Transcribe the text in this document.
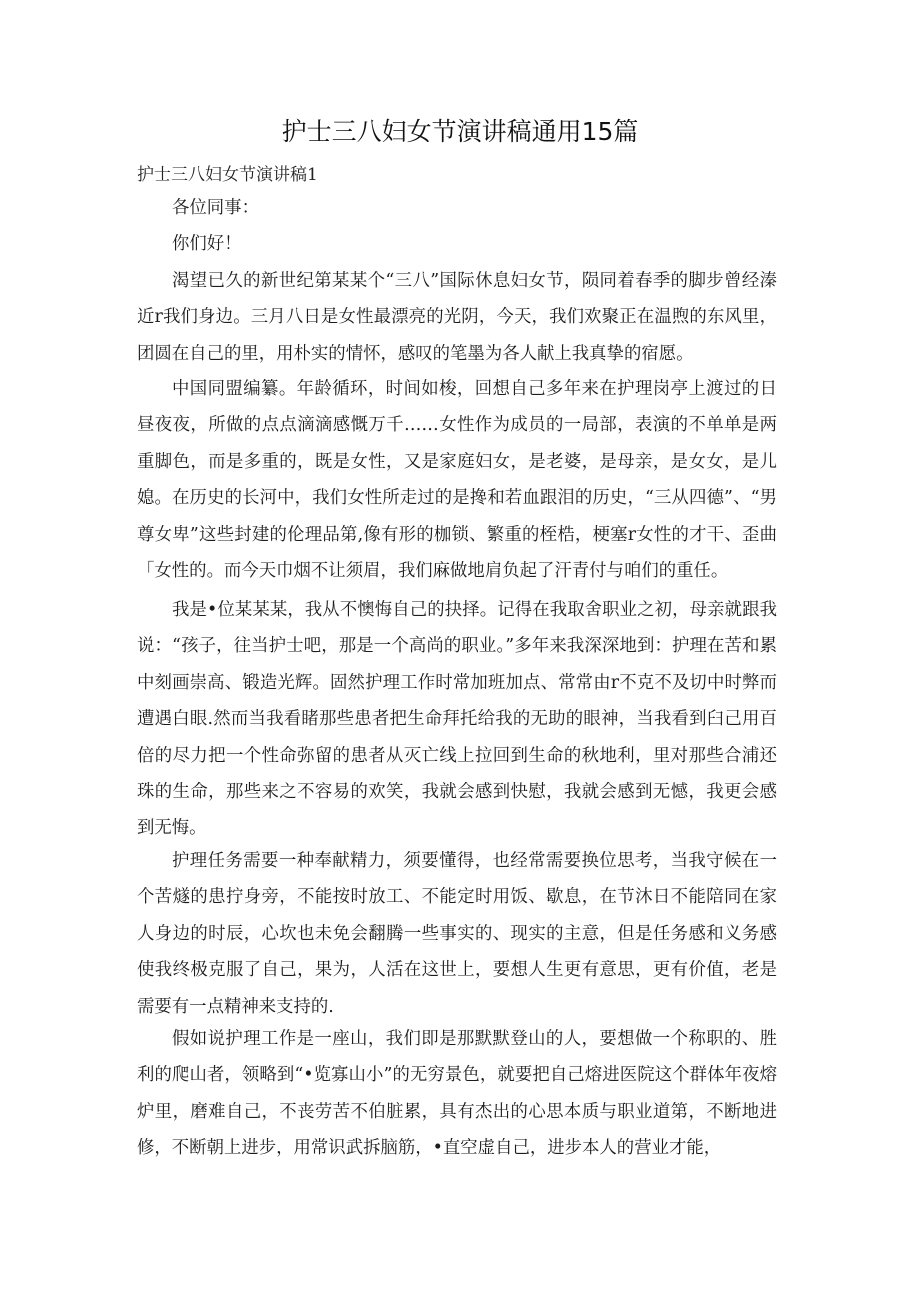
护士三八妇女节演讲稿通用15篇
护士三八妇女节演讲稿1

各位同事：

你们好！

渴望已久的新世纪第某某个“三八”国际休息妇女节，陨同着春季的脚步曾经溱近r我们身边。三月八日是女性最漂亮的光阴，今天，我们欢聚正在温煦的东风里，团圆在自己的里，用朴实的情怀，感叹的笔墨为各人献上我真挚的宿愿。

中国同盟编纂。年龄循环，时间如梭，回想自己多年来在护理岗亭上渡过的日昼夜夜，所做的点点滴滴感慨万千……女性作为成员的一局部，表演的不单单是两重脚色，而是多重的，既是女性，又是家庭妇女，是老婆，是母亲，是女女，是儿媳。在历史的长河中，我们女性所走过的是搀和若血跟泪的历史，“三从四德”、“男尊女卑”这些封建的伦理品第,像有形的枷锁、繁重的桎梏，梗塞r女性的才干、歪曲「女性的。而今天巾烟不让须眉，我们麻做地肩负起了汗青付与咱们的重任。

我是•位某某某，我从不懊悔自己的抉择。记得在我取舍职业之初，母亲就跟我说：“孩子，往当护士吧，那是一个高尚的职业。”多年来我深深地到：护理在苦和累中刻画崇高、锻造光辉。固然护理工作时常加班加点、常常由r不克不及切中时弊而遭遇白眼.然而当我看睹那些患者把生命拜托给我的无助的眼神，当我看到臼己用百倍的尽力把一个性命弥留的患者从灭亡线上拉回到生命的秋地利，里对那些合浦还珠的生命，那些来之不容易的欢笑，我就会感到快慰，我就会感到无憾，我更会感到无悔。

护理任务需要一种奉献精力，须要懂得，也经常需要换位思考，当我守候在一个苦燧的患拧身旁，不能按时放工、不能定时用饭、歇息，在节沐日不能陪同在家人身边的时辰，心坎也未免会翻腾一些事实的、现实的主意，但是任务感和义务感使我终极克服了自己，果为，人活在这世上，要想人生更有意思，更有价值，老是需要有一点精神来支持的.

假如说护理工作是一座山，我们即是那默默登山的人，要想做一个称职的、胜利的爬山者，领略到“•览寡山小”的无穷景色，就要把自己熔进医院这个群体年夜熔炉里，磨难自己，不丧劳苦不伯脏累，具有杰出的心思本质与职业道第，不断地进修，不断朝上进步，用常识武拆脑筋，•直空虚自己，进步本人的营业才能，
